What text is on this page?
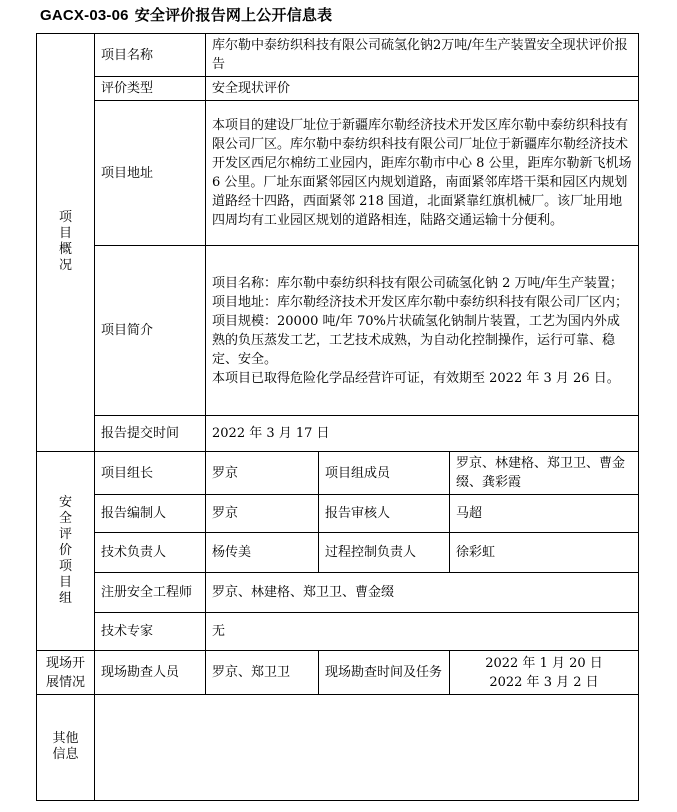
GACX-03-06 安全评价报告网上公开信息表
项目概况	项目名称	库尔勒中泰纺织科技有限公司硫氢化钠2万吨/年生产装置安全现状评价报告		
	评价类型	安全现状评价		
	项目地址	本项目的建设厂址位于新疆库尔勒经济技术开发区库尔勒中泰纺织科技有限公司厂区。库尔勒中泰纺织科技有限公司厂址位于新疆库尔勒经济技术开发区西尼尔棉纺工业园内，距库尔勒市中心 8 公里，距库尔勒新飞机场 6 公里。厂址东面紧邻园区内规划道路，南面紧邻库塔干渠和园区内规划道路经十四路，西面紧邻 218 国道，北面紧靠红旗机械厂。该厂址用地四周均有工业园区规划的道路相连，陆路交通运输十分便利。		
	项目简介	项目名称：库尔勒中泰纺织科技有限公司硫氢化钠 2 万吨/年生产装置；
项目地址：库尔勒经济技术开发区库尔勒中泰纺织科技有限公司厂区内；
项目规模：20000 吨/年 70%片状硫氢化钠制片装置，工艺为国内外成熟的负压蒸发工艺，工艺技术成熟，为自动化控制操作，运行可靠、稳定、安全。
本项目已取得危险化学品经营许可证，有效期至 2022 年 3 月 26 日。		

	报告提交时间	2022 年 3 月 17 日		
安全评价项目组	项目组长	罗京	项目组成员	罗京、林建格、郑卫卫、曹金缀、龚彩霞
	报告编制人	罗京	报告审核人	马超
	技术负责人	杨传美	过程控制负责人	徐彩虹
	注册安全工程师	罗京、林建格、郑卫卫、曹金缀		
	技术专家	无		
现场开展情况	现场勘查人员	罗京、郑卫卫	现场勘查时间及任务	2022 年 1 月 20 日
2022 年 3 月 2 日

其他信息				
